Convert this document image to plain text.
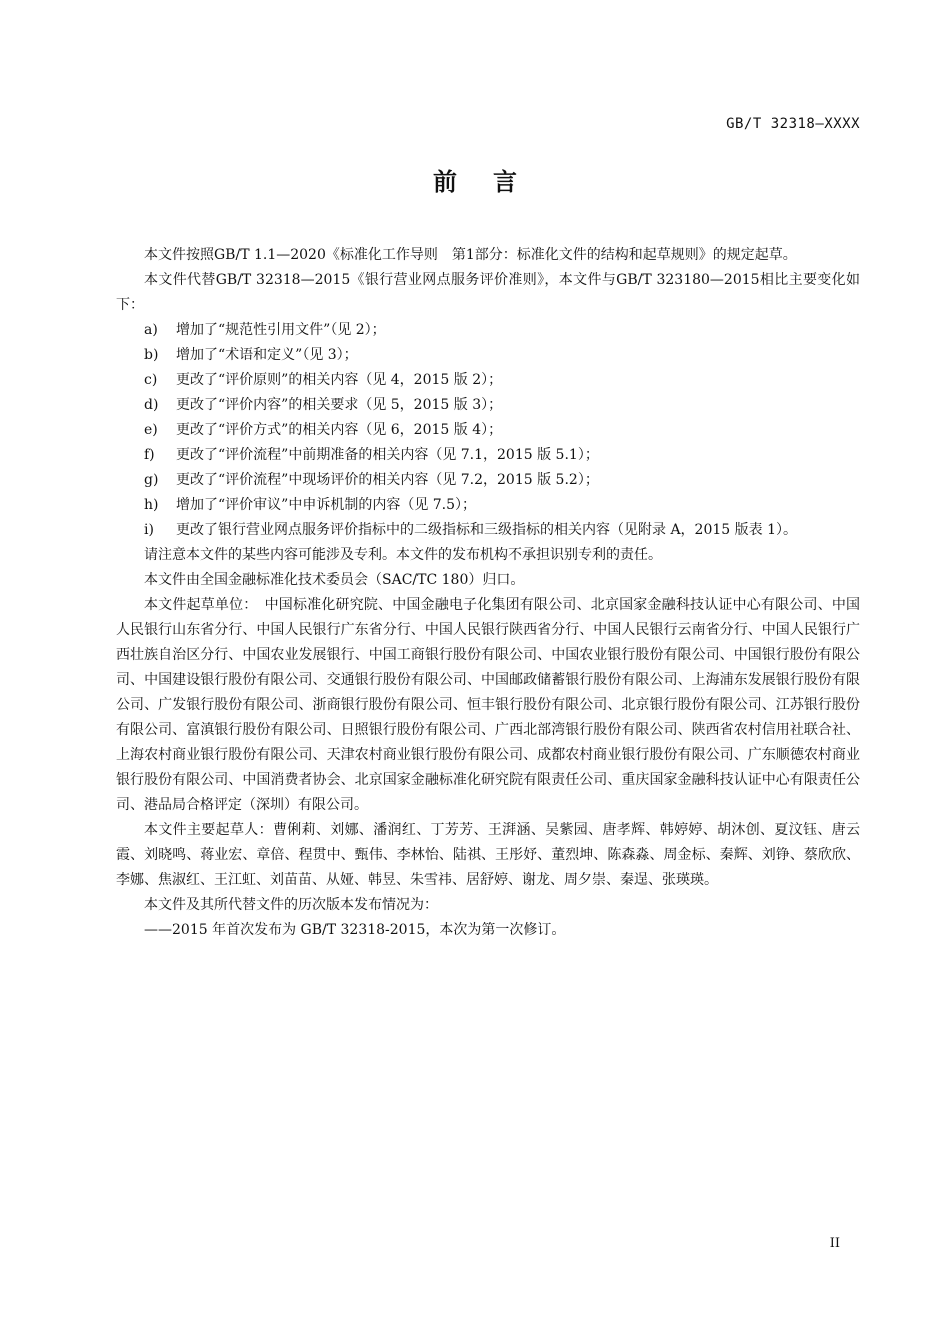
GB/T 32318—XXXX
前言

本文件按照GB/T 1.1—2020《标准化工作导则　第1部分：标准化文件的结构和起草规则》的规定起草。

本文件代替GB/T 32318—2015《银行营业网点服务评价准则》，本文件与GB/T 323180—2015相比主要变化如下：

a) 增加了“规范性引用文件”（见 2）；
b) 增加了“术语和定义”（见 3）；
c) 更改了“评价原则”的相关内容（见 4，2015 版 2）；
d) 更改了“评价内容”的相关要求（见 5，2015 版 3）；
e) 更改了“评价方式”的相关内容（见 6，2015 版 4）；
f) 更改了“评价流程”中前期准备的相关内容（见 7.1，2015 版 5.1）；
g) 更改了“评价流程”中现场评价的相关内容（见 7.2，2015 版 5.2）；
h) 增加了“评价审议”中申诉机制的内容（见 7.5）；
i) 更改了银行营业网点服务评价指标中的二级指标和三级指标的相关内容（见附录 A，2015 版表 1）。

请注意本文件的某些内容可能涉及专利。本文件的发布机构不承担识别专利的责任。

本文件由全国金融标准化技术委员会（SAC/TC 180）归口。

本文件起草单位：　中国标准化研究院、中国金融电子化集团有限公司、北京国家金融科技认证中心有限公司、中国人民银行山东省分行、中国人民银行广东省分行、中国人民银行陕西省分行、中国人民银行云南省分行、中国人民银行广西壮族自治区分行、中国农业发展银行、中国工商银行股份有限公司、中国农业银行股份有限公司、中国银行股份有限公司、中国建设银行股份有限公司、交通银行股份有限公司、中国邮政储蓄银行股份有限公司、上海浦东发展银行股份有限公司、广发银行股份有限公司、浙商银行股份有限公司、恒丰银行股份有限公司、北京银行股份有限公司、江苏银行股份有限公司、富滇银行股份有限公司、日照银行股份有限公司、广西北部湾银行股份有限公司、陕西省农村信用社联合社、上海农村商业银行股份有限公司、天津农村商业银行股份有限公司、成都农村商业银行股份有限公司、广东顺德农村商业银行股份有限公司、中国消费者协会、北京国家金融标准化研究院有限责任公司、重庆国家金融科技认证中心有限责任公司、港品局合格评定（深圳）有限公司。

本文件主要起草人：曹俐莉、刘娜、潘润红、丁芳芳、王湃涵、吴紫园、唐孝辉、韩婷婷、胡沐创、夏汶钰、唐云霞、刘晓鸣、蒋业宏、章倍、程贯中、甄伟、李林怡、陆祺、王彤妤、董烈坤、陈森淼、周金标、秦辉、刘铮、蔡欣欣、李娜、焦淑红、王江虹、刘苗苗、从娅、韩昱、朱雪祎、居舒婷、谢龙、周夕崇、秦逞、张瑛瑛。

本文件及其所代替文件的历次版本发布情况为：

——2015 年首次发布为 GB/T 32318-2015，本次为第一次修订。

II
